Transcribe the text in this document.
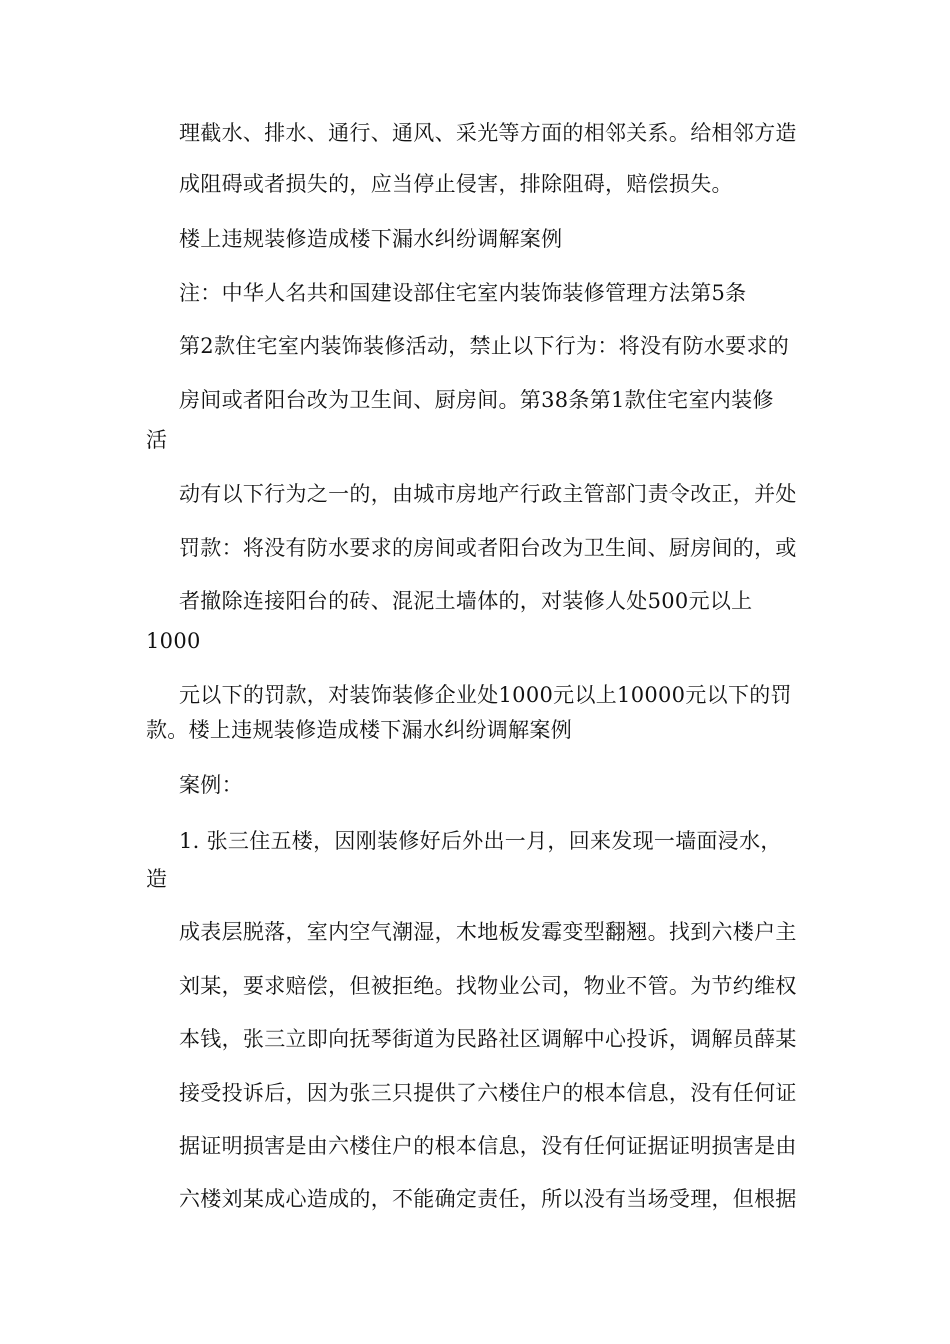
理截水、排水、通行、通风、采光等方面的相邻关系。给相邻方造
成阻碍或者损失的，应当停止侵害，排除阻碍，赔偿损失。
楼上违规装修造成楼下漏水纠纷调解案例
注：中华人名共和国建设部住宅室内装饰装修管理方法第5条
第2款住宅室内装饰装修活动，禁止以下行为：将没有防水要求的
房间或者阳台改为卫生间、厨房间。第38条第1款住宅室内装修
活
动有以下行为之一的，由城市房地产行政主管部门责令改正，并处
罚款：将没有防水要求的房间或者阳台改为卫生间、厨房间的，或
者撤除连接阳台的砖、混泥土墙体的，对装修人处500元以上
1000
元以下的罚款，对装饰装修企业处1000元以上10000元以下的罚
款。楼上违规装修造成楼下漏水纠纷调解案例
案例：
1. 张三住五楼，因刚装修好后外出一月，回来发现一墙面浸水，
造
成表层脱落，室内空气潮湿，木地板发霉变型翻翘。找到六楼户主
刘某，要求赔偿，但被拒绝。找物业公司，物业不管。为节约维权
本钱，张三立即向抚琴街道为民路社区调解中心投诉，调解员薛某
接受投诉后，因为张三只提供了六楼住户的根本信息，没有任何证
据证明损害是由六楼住户的根本信息，没有任何证据证明损害是由
六楼刘某成心造成的，不能确定责任，所以没有当场受理，但根据
